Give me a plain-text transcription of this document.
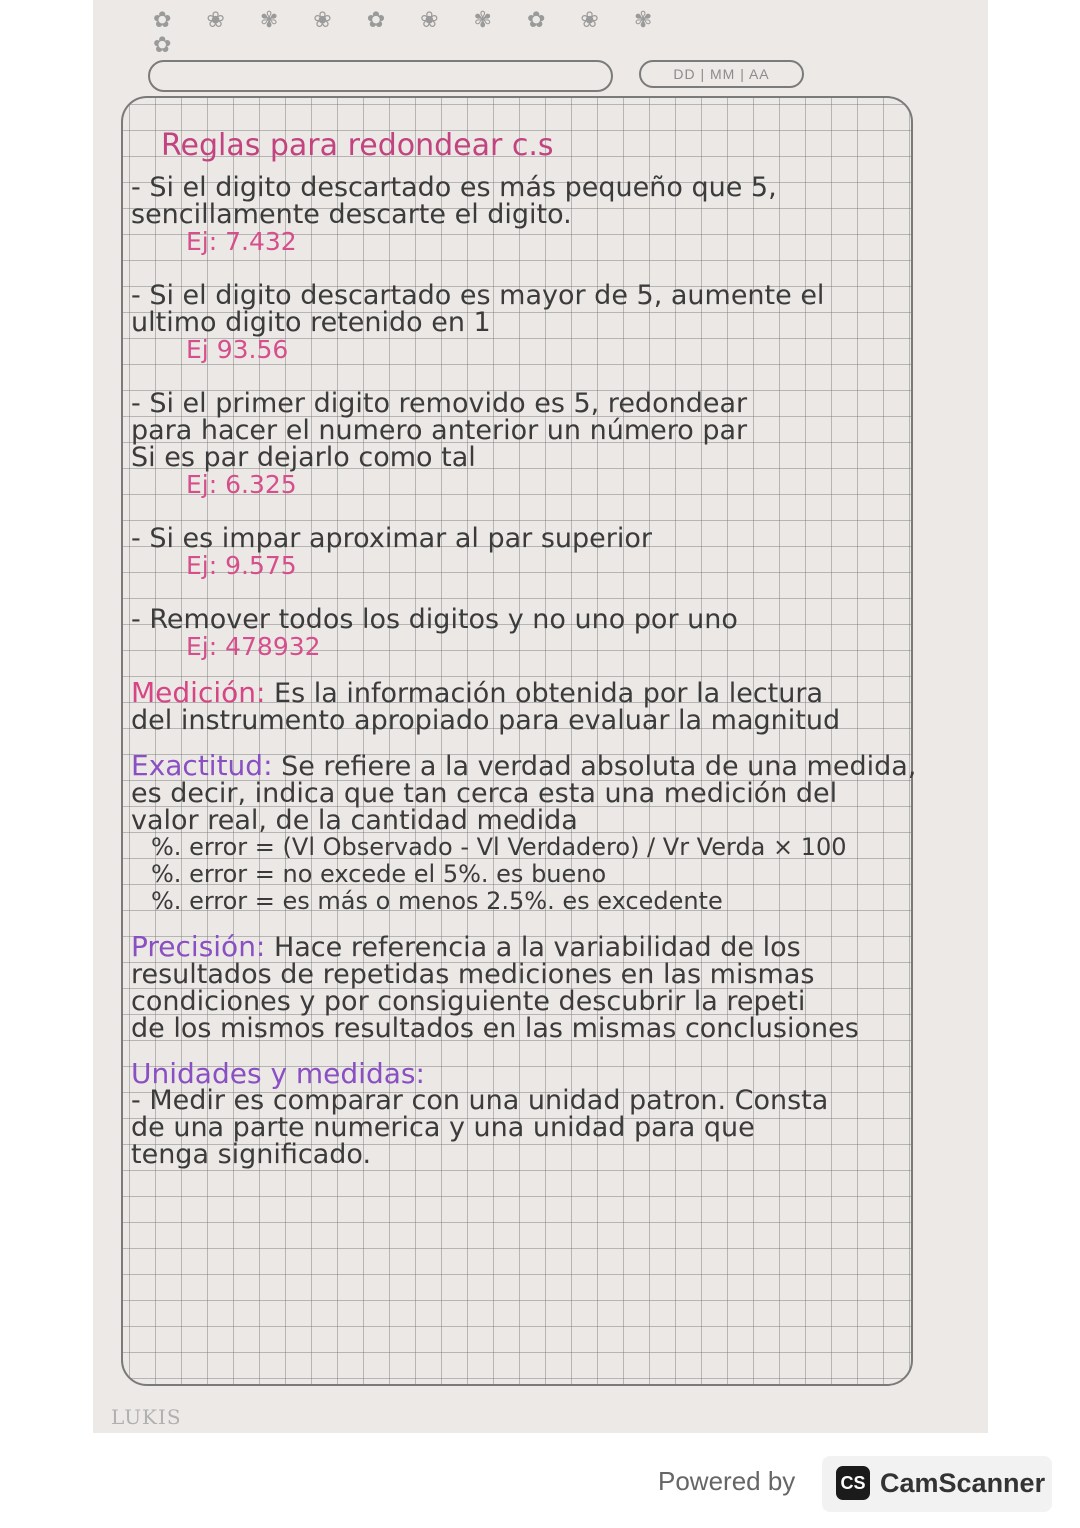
✿ ❀ ✾ ❀ ✿ ❀ ✾ ✿ ❀ ✾ ✿
DD | MM | AA

Reglas para redondear c.s

- Si el digito descartado es más pequeño que 5,

sencillamente descarte el digito.

Ej: 7.432

- Si el digito descartado es mayor de 5, aumente el

ultimo digito retenido en 1

Ej 93.56

- Si el primer digito removido es 5, redondear

para hacer el numero anterior un número par

Si es par dejarlo como tal

Ej: 6.325

- Si es impar aproximar al par superior

Ej: 9.575

- Remover todos los digitos y no uno por uno

Ej: 478932

Medición: Es la información obtenida por la lectura

del instrumento apropiado para evaluar la magnitud

Exactitud: Se refiere a la verdad absoluta de una medida,

es decir, indica que tan cerca esta una medición del

valor real, de la cantidad medida

%. error = (Vl Observado - Vl Verdadero) / Vr Verda × 100

%. error = no excede el 5%. es bueno

%. error = es más o menos 2.5%. es excedente

Precisión: Hace referencia a la variabilidad de los

resultados de repetidas mediciones en las mismas

condiciones y por consiguiente descubrir la repeti

de los mismos resultados en las mismas conclusiones

Unidades y medidas:

- Medir es comparar con una unidad patron. Consta

de una parte numerica y una unidad para que

tenga significado.

LUKIS
Powered by	CS CamScanner
